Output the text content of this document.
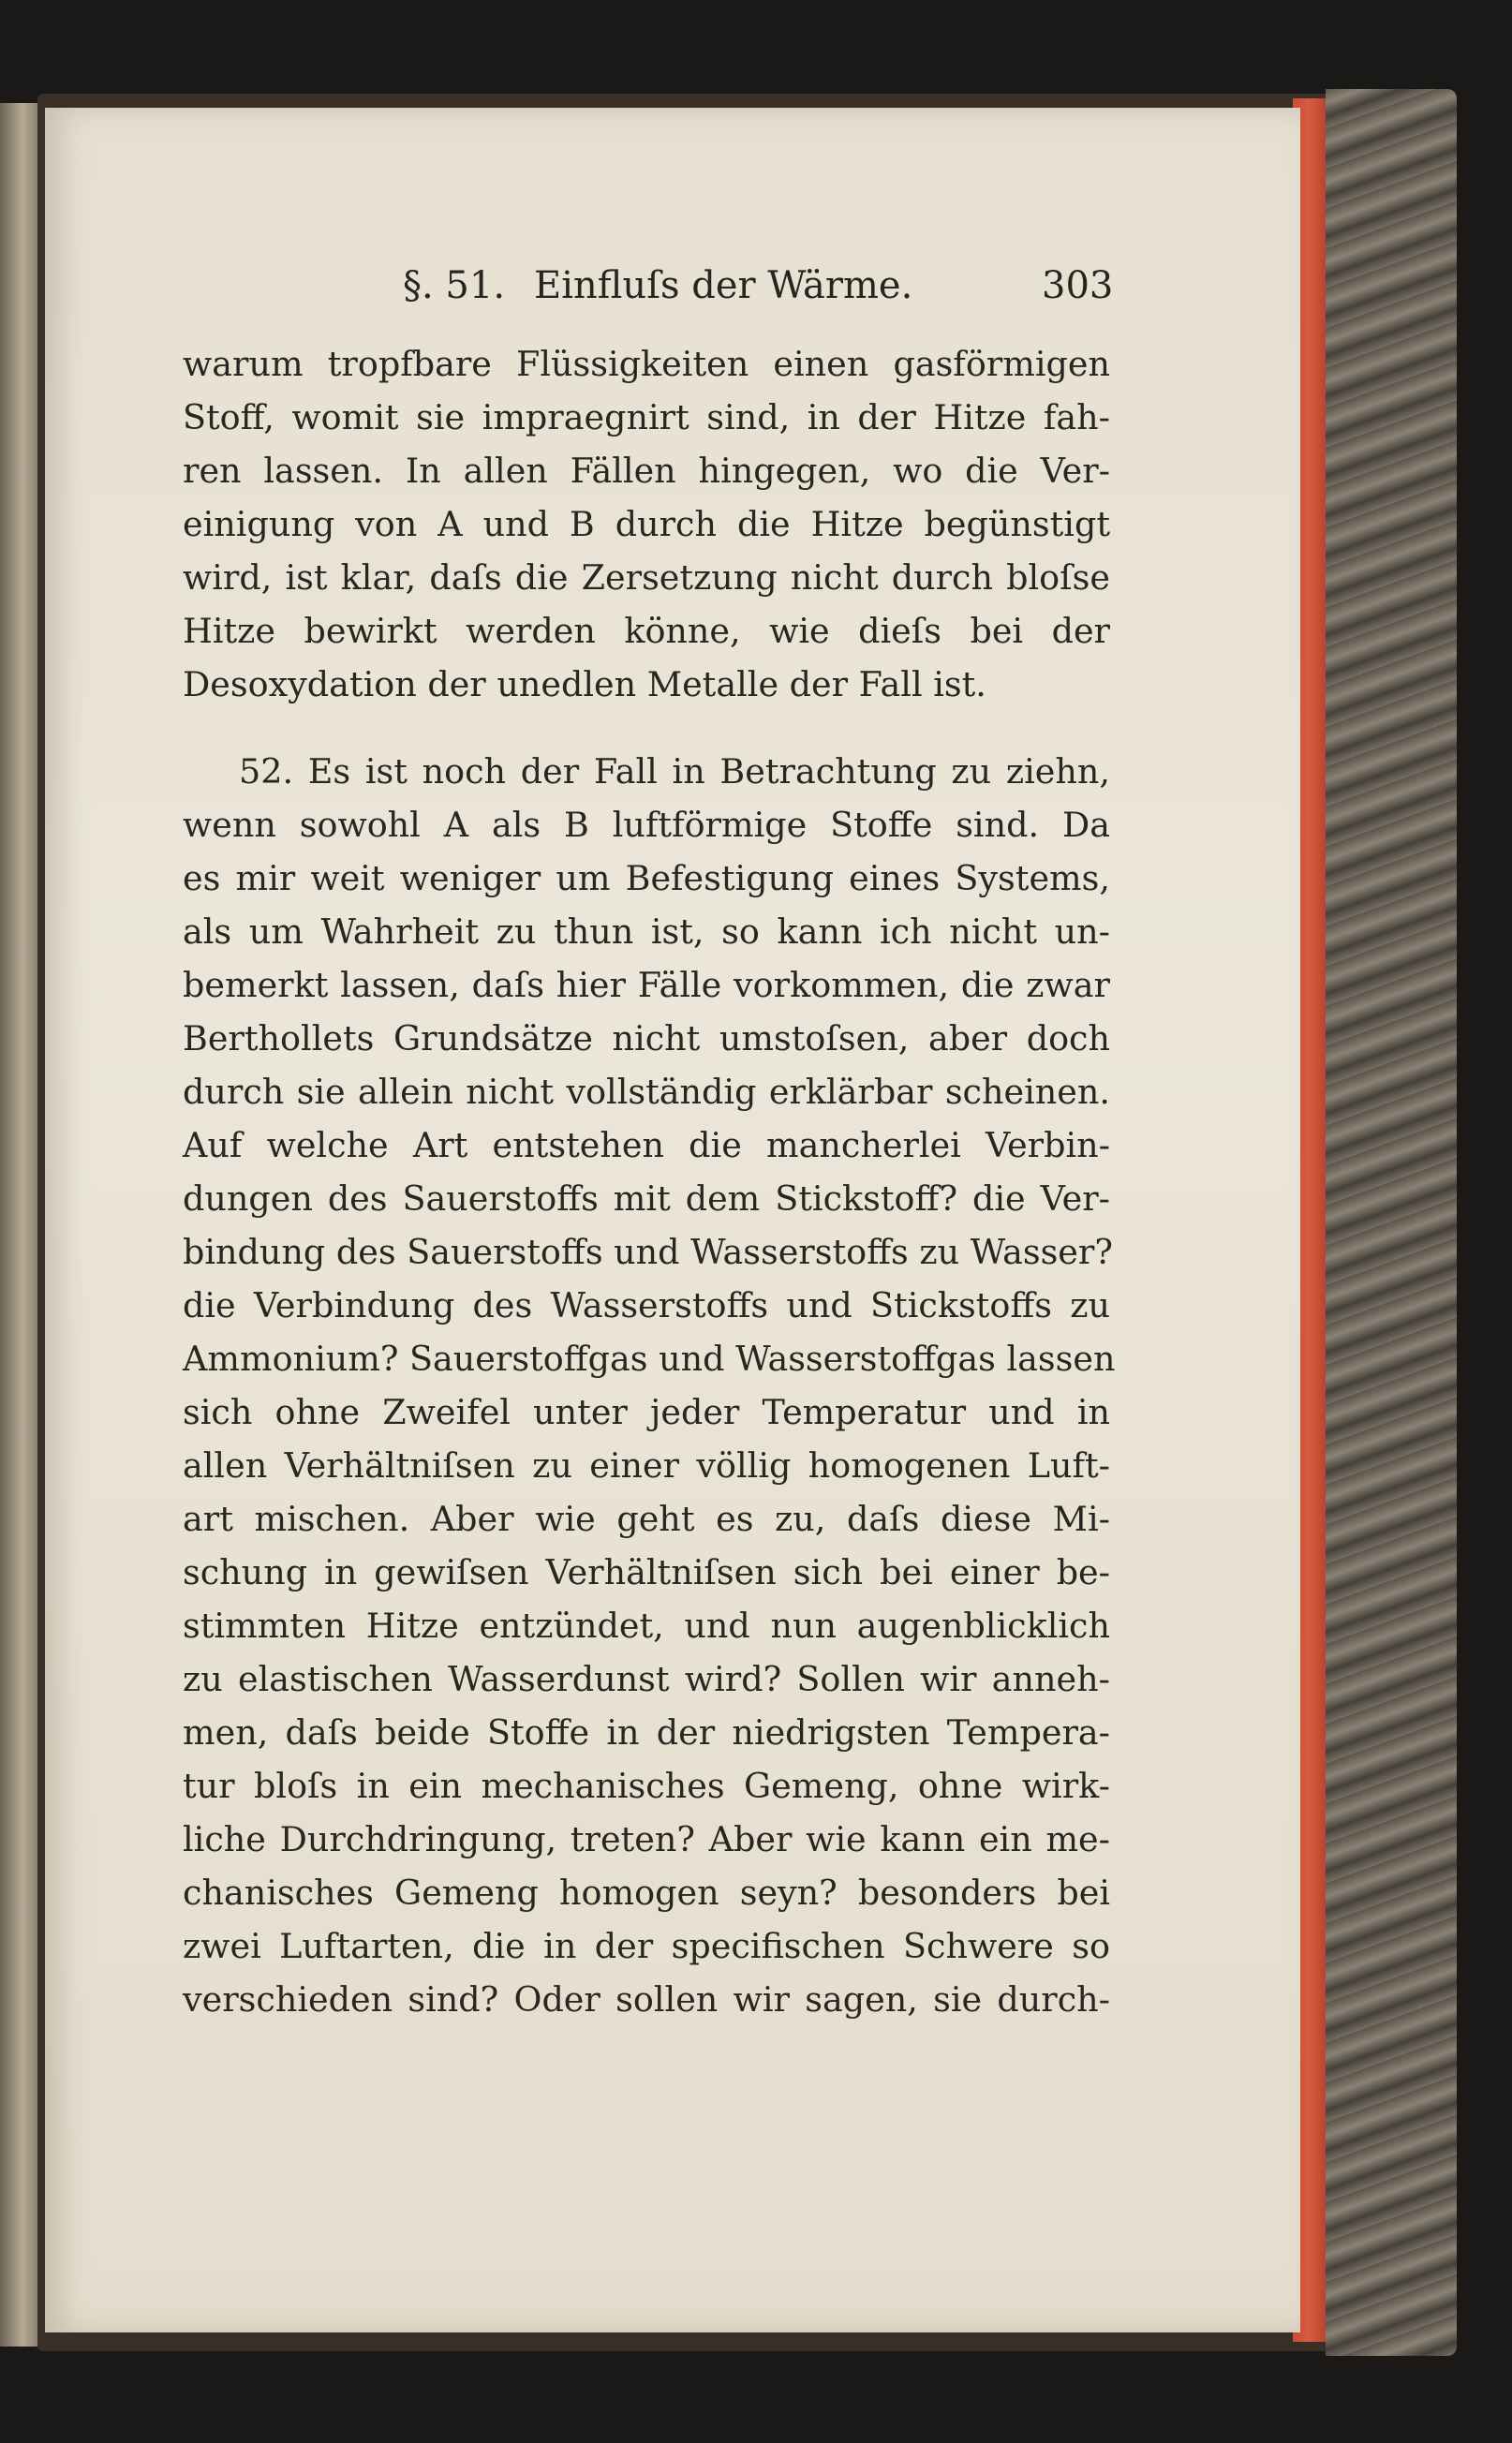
§. 51. Einfluſs der Wärme.	303
warum tropfbare Flüssigkeiten einen gasförmigen
Stoff, womit sie impraegnirt sind, in der Hitze fah-
ren lassen. In allen Fällen hingegen, wo die Ver-
einigung von A und B durch die Hitze begünstigt
wird, ist klar, daſs die Zersetzung nicht durch bloſse
Hitze bewirkt werden könne, wie dieſs bei der
Desoxydation der unedlen Metalle der Fall ist.
52. Es ist noch der Fall in Betrachtung zu ziehn,
wenn sowohl A als B luftförmige Stoffe sind. Da
es mir weit weniger um Befestigung eines Systems,
als um Wahrheit zu thun ist, so kann ich nicht un-
bemerkt lassen, daſs hier Fälle vorkommen, die zwar
Berthollets Grundsätze nicht umstoſsen, aber doch
durch sie allein nicht vollständig erklärbar scheinen.
Auf welche Art entstehen die mancherlei Verbin-
dungen des Sauerstoffs mit dem Stickstoff? die Ver-
bindung des Sauerstoffs und Wasserstoffs zu Wasser?
die Verbindung des Wasserstoffs und Stickstoffs zu
Ammonium? Sauerstoffgas und Wasserstoffgas lassen
sich ohne Zweifel unter jeder Temperatur und in
allen Verhältniſsen zu einer völlig homogenen Luft-
art mischen. Aber wie geht es zu, daſs diese Mi-
schung in gewiſsen Verhältniſsen sich bei einer be-
stimmten Hitze entzündet, und nun augenblicklich
zu elastischen Wasserdunst wird? Sollen wir anneh-
men, daſs beide Stoffe in der niedrigsten Tempera-
tur bloſs in ein mechanisches Gemeng, ohne wirk-
liche Durchdringung, treten? Aber wie kann ein me-
chanisches Gemeng homogen seyn? besonders bei
zwei Luftarten, die in der specifischen Schwere so
verschieden sind? Oder sollen wir sagen, sie durch-
